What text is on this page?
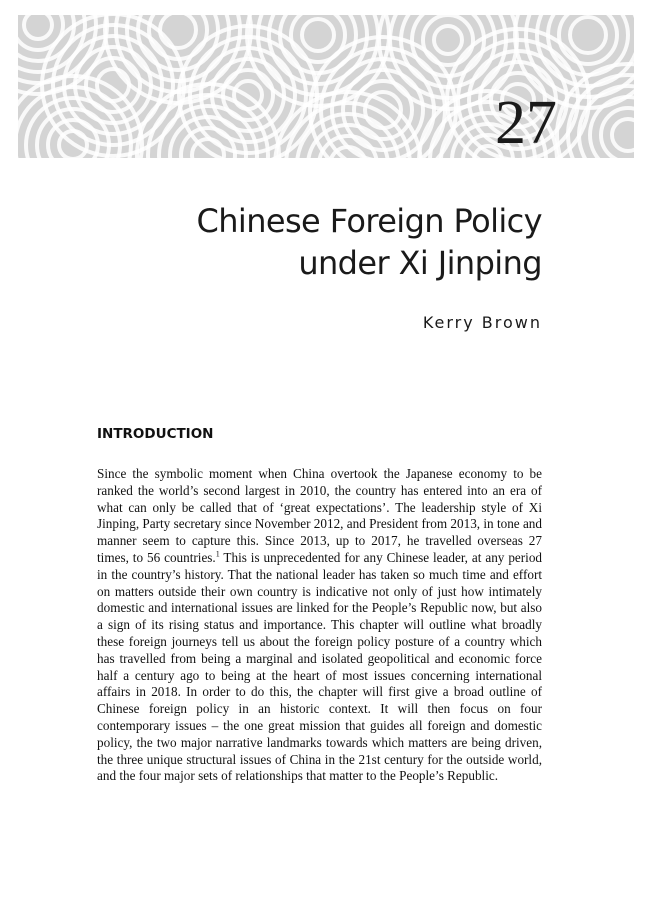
27
Chinese Foreign Policy
under Xi Jinping
Kerry Brown
INTRODUCTION

Since the symbolic moment when China overtook the Japanese economy to be ranked the world’s second largest in 2010, the country has entered into an era of what can only be called that of ‘great expectations’. The leadership style of Xi Jinping, Party secretary since November 2012, and President from 2013, in tone and manner seem to capture this. Since 2013, up to 2017, he travelled overseas 27 times, to 56 countries.$^1$ This is unprecedented for any Chinese leader, at any period in the country’s history. That the national leader has taken so much time and effort on matters outside their own country is indicative not only of just how intimately domestic and international issues are linked for the People’s Republic now, but also a sign of its rising status and importance. This chapter will outline what broadly these foreign journeys tell us about the foreign policy posture of a country which has travelled from being a marginal and isolated geopolitical and economic force half a century ago to being at the heart of most issues concerning international affairs in 2018. In order to do this, the chapter will first give a broad outline of Chinese foreign policy in an historic context. It will then focus on four contemporary issues – the one great mission that guides all foreign and domestic policy, the two major narrative landmarks towards which matters are being driven, the three unique structural issues of China in the 21st century for the outside world, and the four major sets of relationships that matter to the People’s Republic.
